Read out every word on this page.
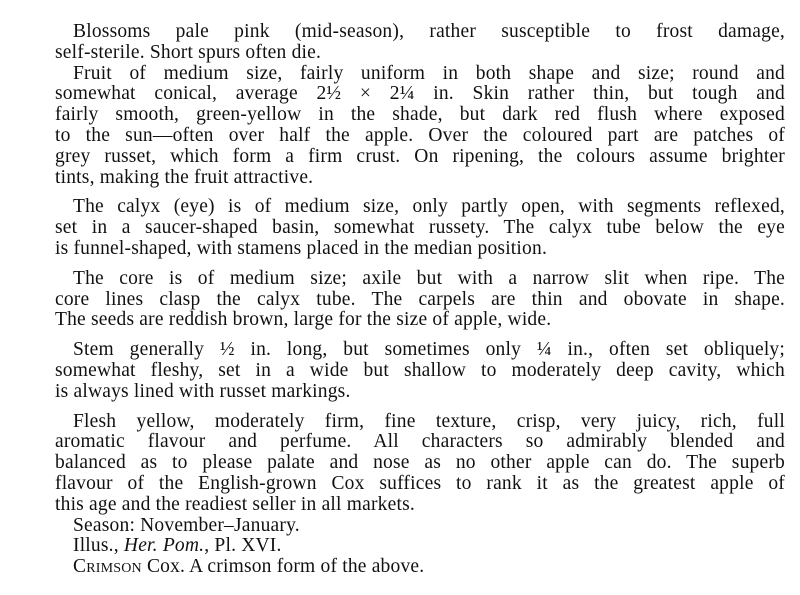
Blossoms pale pink (mid-season), rather susceptible to frost damage,
self-sterile. Short spurs often die.
Fruit of medium size, fairly uniform in both shape and size; round and
somewhat conical, average 2½ × 2¼ in. Skin rather thin, but tough and
fairly smooth, green-yellow in the shade, but dark red flush where exposed
to the sun—often over half the apple. Over the coloured part are patches of
grey russet, which form a firm crust. On ripening, the colours assume brighter
tints, making the fruit attractive.
The calyx (eye) is of medium size, only partly open, with segments reflexed,
set in a saucer-shaped basin, somewhat russety. The calyx tube below the eye
is funnel-shaped, with stamens placed in the median position.
The core is of medium size; axile but with a narrow slit when ripe. The
core lines clasp the calyx tube. The carpels are thin and obovate in shape.
The seeds are reddish brown, large for the size of apple, wide.
Stem generally ½ in. long, but sometimes only ¼ in., often set obliquely;
somewhat fleshy, set in a wide but shallow to moderately deep cavity, which
is always lined with russet markings.
Flesh yellow, moderately firm, fine texture, crisp, very juicy, rich, full
aromatic flavour and perfume. All characters so admirably blended and
balanced as to please palate and nose as no other apple can do. The superb
flavour of the English-grown Cox suffices to rank it as the greatest apple of
this age and the readiest seller in all markets.
Season: November–January.
Illus., Her. Pom., Pl. XVI.
Crimson Cox. A crimson form of the above.
